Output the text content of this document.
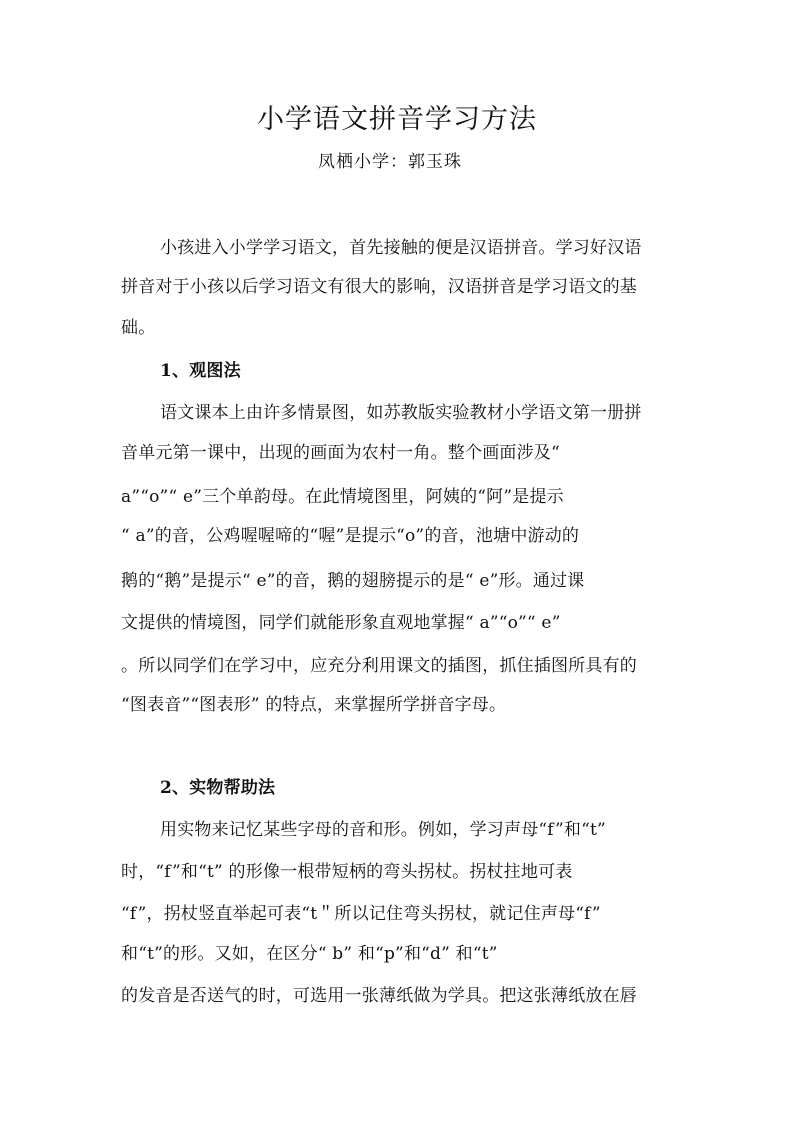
小学语文拼音学习方法
凤栖小学：郭玉珠
小孩进入小学学习语文，首先接触的便是汉语拼音。学习好汉语
拼音对于小孩以后学习语文有很大的影响，汉语拼音是学习语文的基
础。
1、观图法
语文课本上由许多情景图，如苏教版实验教材小学语文第一册拼
音单元第一课中，出现的画面为农村一角。整个画面涉及“
a”“o”“ e”三个单韵母。在此情境图里，阿姨的“阿”是提示
“ a”的音，公鸡喔喔啼的“喔”是提示“o”的音，池塘中游动的
鹅的“鹅”是提示“ e”的音，鹅的翅膀提示的是“ e”形。通过课
文提供的情境图，同学们就能形象直观地掌握“ a”“o”“ e”
。所以同学们在学习中，应充分利用课文的插图，抓住插图所具有的
“图表音”“图表形” 的特点，来掌握所学拼音字母。
2、实物帮助法
用实物来记忆某些字母的音和形。例如，学习声母“f”和“t”
时，“f”和“t” 的形像一根带短柄的弯头拐杖。拐杖拄地可表
“f”，拐杖竖直举起可表“t＂所以记住弯头拐杖，就记住声母“f”
和“t”的形。又如，在区分“ b” 和“p”和“d” 和“t”
的发音是否送气的时，可选用一张薄纸做为学具。把这张薄纸放在唇
